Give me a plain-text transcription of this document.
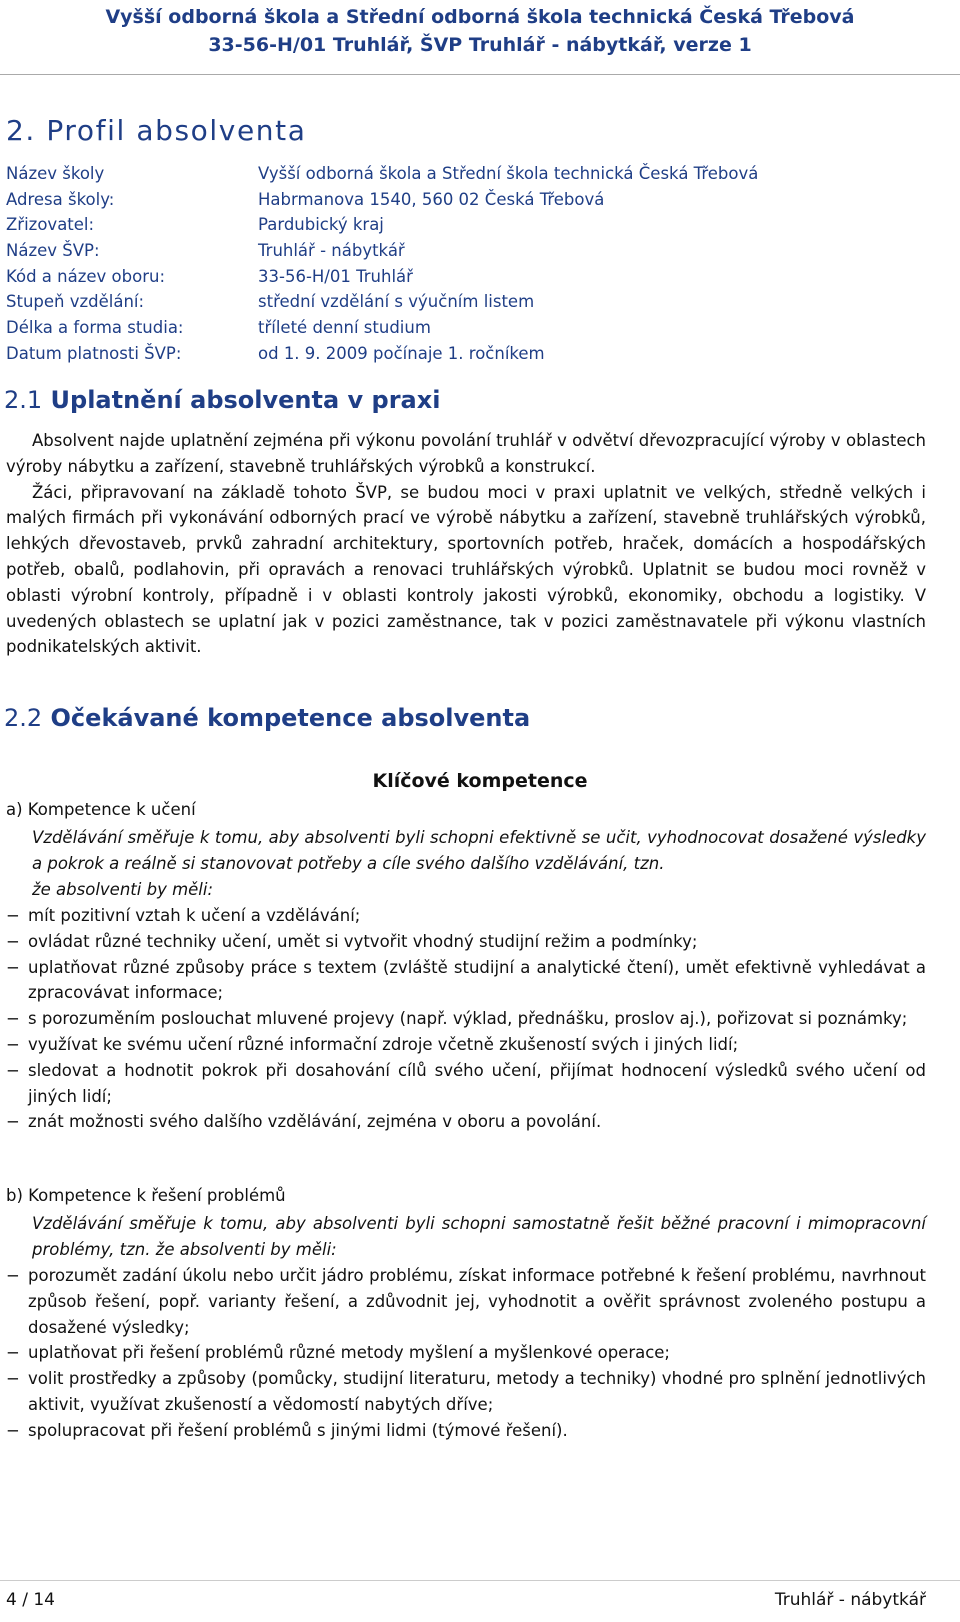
Vyšší odborná škola a Střední odborná škola technická Česká Třebová
33-56-H/01 Truhlář, ŠVP Truhlář - nábytkář, verze 1
2. Profil absolventa
Název školy	Vyšší odborná škola a Střední škola technická Česká Třebová
Adresa školy:	Habrmanova 1540, 560 02 Česká Třebová
Zřizovatel:	Pardubický kraj
Název ŠVP:	Truhlář - nábytkář
Kód a název oboru:	33-56-H/01 Truhlář
Stupeň vzdělání:	střední vzdělání s výučním listem
Délka a forma studia:	tříleté denní studium
Datum platnosti ŠVP:	od 1. 9. 2009 počínaje 1. ročníkem
2.1 Uplatnění absolventa v praxi

Absolvent najde uplatnění zejména při výkonu povolání truhlář v odvětví dřevozpracující výroby v oblastech výroby nábytku a zařízení, stavebně truhlářských výrobků a konstrukcí.

Žáci, připravovaní na základě tohoto ŠVP, se budou moci v praxi uplatnit ve velkých, středně velkých i malých firmách při vykonávání odborných prací ve výrobě nábytku a zařízení, stavebně truhlářských výrobků, lehkých dřevostaveb, prvků zahradní architektury, sportovních potřeb, hraček, domácích a hospodářských potřeb, obalů, podlahovin, při opravách a renovaci truhlářských výrobků. Uplatnit se budou moci rovněž v oblasti výrobní kontroly, případně i v oblasti kontroly jakosti výrobků, ekonomiky, obchodu a logistiky. V uvedených oblastech se uplatní jak v pozici zaměstnance, tak v pozici zaměstnavatele při výkonu vlastních podnikatelských aktivit.

2.2 Očekávané kompetence absolventa
Klíčové kompetence
a) Kompetence k učení
Vzdělávání směřuje k tomu, aby absolventi byli schopni efektivně se učit, vyhodnocovat dosažené výsledky a pokrok a reálně si stanovovat potřeby a cíle svého dalšího vzdělávání, tzn.
že absolventi by měli:
− mít pozitivní vztah k učení a vzdělávání;
− ovládat různé techniky učení, umět si vytvořit vhodný studijní režim a podmínky;
− uplatňovat různé způsoby práce s textem (zvláště studijní a analytické čtení), umět efektivně vyhledávat a zpracovávat informace;
− s porozuměním poslouchat mluvené projevy (např. výklad, přednášku, proslov aj.), pořizovat si poznámky;
− využívat ke svému učení různé informační zdroje včetně zkušeností svých i jiných lidí;
− sledovat a hodnotit pokrok při dosahování cílů svého učení, přijímat hodnocení výsledků svého učení od jiných lidí;
− znát možnosti svého dalšího vzdělávání, zejména v oboru a povolání.
b) Kompetence k řešení problémů
Vzdělávání směřuje k tomu, aby absolventi byli schopni samostatně řešit běžné pracovní i mimopracovní problémy, tzn. že absolventi by měli:
− porozumět zadání úkolu nebo určit jádro problému, získat informace potřebné k řešení problému, navrhnout způsob řešení, popř. varianty řešení, a zdůvodnit jej, vyhodnotit a ověřit správnost zvoleného postupu a dosažené výsledky;
− uplatňovat při řešení problémů různé metody myšlení a myšlenkové operace;
− volit prostředky a způsoby (pomůcky, studijní literaturu, metody a techniky) vhodné pro splnění jednotlivých aktivit, využívat zkušeností a vědomostí nabytých dříve;
− spolupracovat při řešení problémů s jinými lidmi (týmové řešení).
4 / 14	Truhlář - nábytkář
